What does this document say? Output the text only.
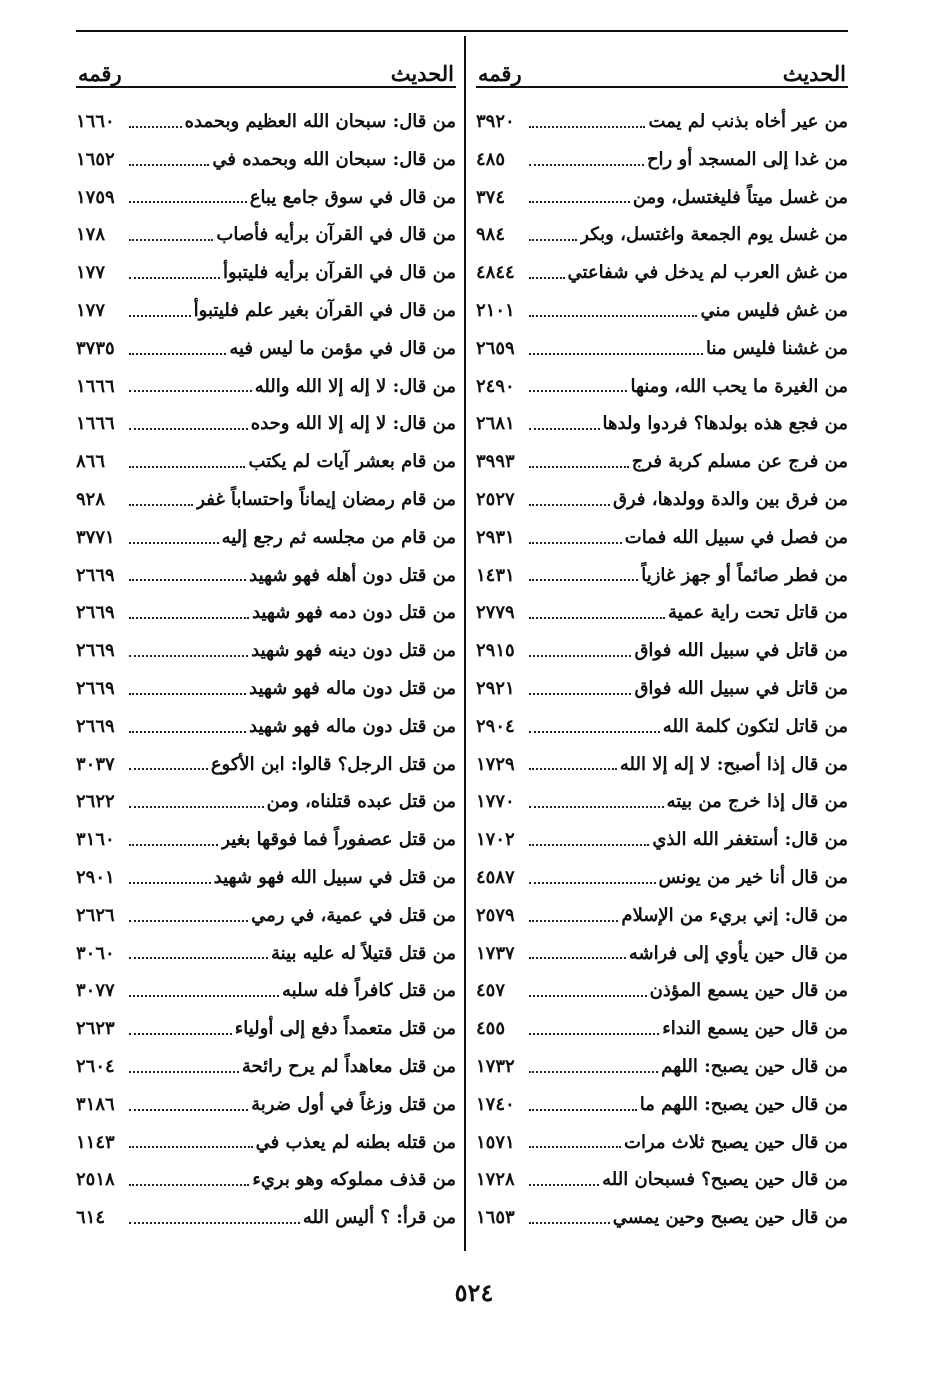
الحديث
رقمه
من عير أخاه بذنب لم يمت
٣٩٢٠
من غدا إلى المسجد أو راح
٤٨٥
من غسل ميتاً فليغتسل، ومن
٣٧٤
من غسل يوم الجمعة واغتسل، وبكر
٩٨٤
من غش العرب لم يدخل في شفاعتي
٤٨٤٤
من غش فليس مني
٢١٠١
من غشنا فليس منا
٢٦٥٩
من الغيرة ما يحب الله، ومنها
٢٤٩٠
من فجع هذه بولدها؟ فردوا ولدها
٢٦٨١
من فرج عن مسلم كربة فرج
٣٩٩٣
من فرق بين والدة وولدها، فرق
٢٥٢٧
من فصل في سبيل الله فمات
٢٩٣١
من فطر صائماً أو جهز غازياً
١٤٣١
من قاتل تحت راية عمية
٢٧٧٩
من قاتل في سبيل الله فواق
٢٩١٥
من قاتل في سبيل الله فواق
٢٩٢١
من قاتل لتكون كلمة الله
٢٩٠٤
من قال إذا أصبح: لا إله إلا الله
١٧٢٩
من قال إذا خرج من بيته
١٧٧٠
من قال: أستغفر الله الذي
١٧٠٢
من قال أنا خير من يونس
٤٥٨٧
من قال: إني بريء من الإسلام
٢٥٧٩
من قال حين يأوي إلى فراشه
١٧٣٧
من قال حين يسمع المؤذن
٤٥٧
من قال حين يسمع النداء
٤٥٥
من قال حين يصبح: اللهم
١٧٣٢
من قال حين يصبح: اللهم ما
١٧٤٠
من قال حين يصبح ثلاث مرات
١٥٧١
من قال حين يصبح؟ فسبحان الله
١٧٢٨
من قال حين يصبح وحين يمسي
١٦٥٣
الحديث
رقمه
من قال: سبحان الله العظيم وبحمده
١٦٦٠
من قال: سبحان الله وبحمده في
١٦٥٢
من قال في سوق جامع يباع
١٧٥٩
من قال في القرآن برأيه فأصاب
١٧٨
من قال في القرآن برأيه فليتبوأ
١٧٧
من قال في القرآن بغير علم فليتبوأ
١٧٧
من قال في مؤمن ما ليس فيه
٣٧٣٥
من قال: لا إله إلا الله والله
١٦٦٦
من قال: لا إله إلا الله وحده
١٦٦٦
من قام بعشر آيات لم يكتب
٨٦٦
من قام رمضان إيماناً واحتساباً غفر
٩٢٨
من قام من مجلسه ثم رجع إليه
٣٧٧١
من قتل دون أهله فهو شهيد
٢٦٦٩
من قتل دون دمه فهو شهيد
٢٦٦٩
من قتل دون دينه فهو شهيد
٢٦٦٩
من قتل دون ماله فهو شهيد
٢٦٦٩
من قتل دون ماله فهو شهيد
٢٦٦٩
من قتل الرجل؟ قالوا: ابن الأكوع
٣٠٣٧
من قتل عبده قتلناه، ومن
٢٦٢٢
من قتل عصفوراً فما فوقها بغير
٣١٦٠
من قتل في سبيل الله فهو شهيد
٢٩٠١
من قتل في عمية، في رمي
٢٦٢٦
من قتل قتيلاً له عليه بينة
٣٠٦٠
من قتل كافراً فله سلبه
٣٠٧٧
من قتل متعمداً دفع إلى أولياء
٢٦٢٣
من قتل معاهداً لم يرح رائحة
٢٦٠٤
من قتل وزغاً في أول ضربة
٣١٨٦
من قتله بطنه لم يعذب في
١١٤٣
من قذف مملوكه وهو بريء
٢٥١٨
من قرأ: ؟ أليس الله
٦١٤
٥٢٤
